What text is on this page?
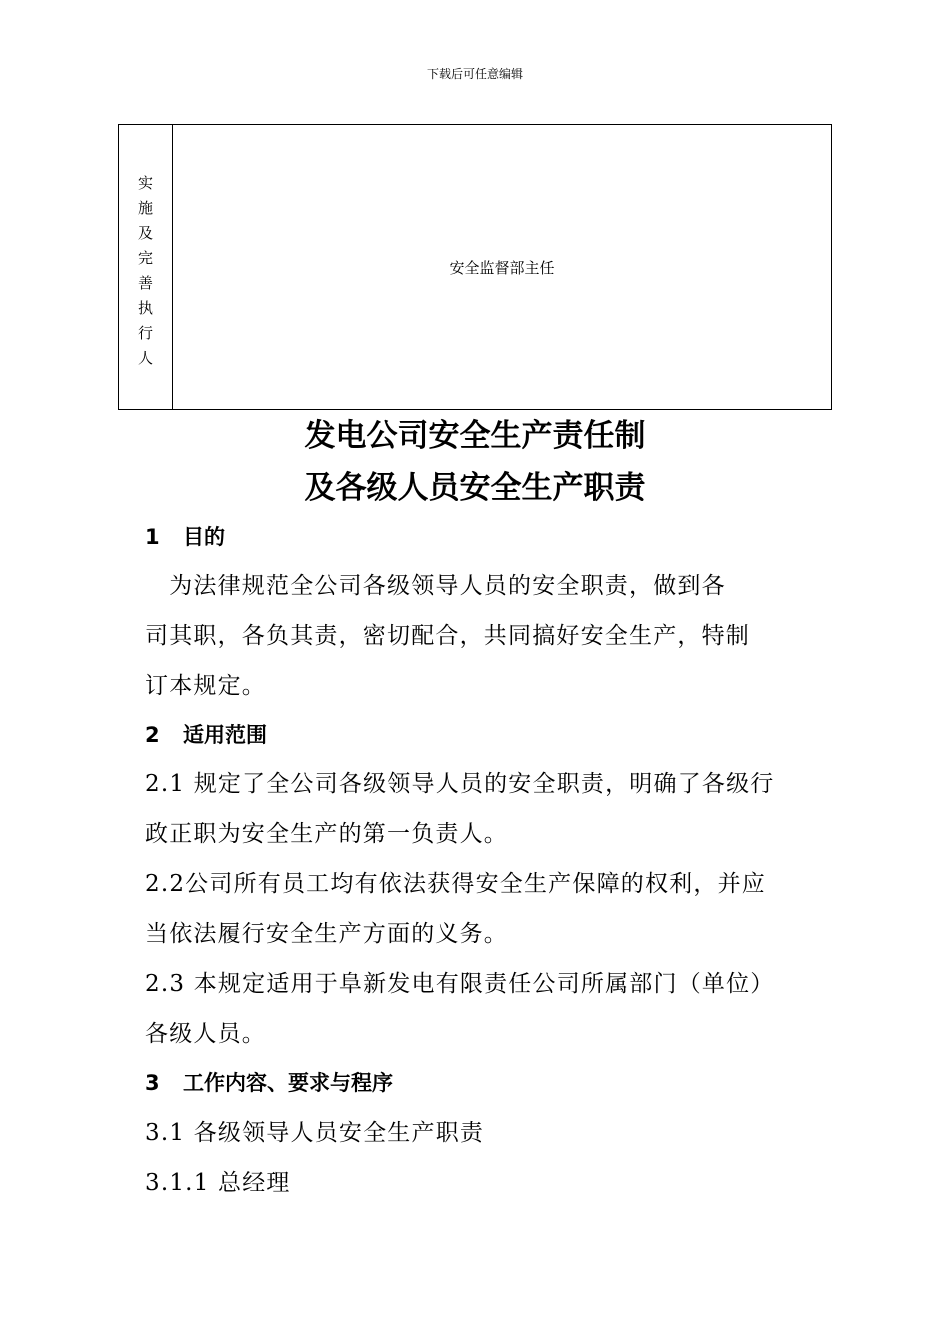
下载后可任意编辑
实
施
及
完
善
执
行
人
安全监督部主任
发电公司安全生产责任制
及各级人员安全生产职责
1 目的
　为法律规范全公司各级领导人员的安全职责，做到各
司其职，各负其责，密切配合，共同搞好安全生产，特制
订本规定。
2 适用范围
2.1 规定了全公司各级领导人员的安全职责，明确了各级行
政正职为安全生产的第一负责人。
2.2公司所有员工均有依法获得安全生产保障的权利，并应
当依法履行安全生产方面的义务。
2.3 本规定适用于阜新发电有限责任公司所属部门（单位）
各级人员。
3 工作内容、要求与程序
3.1 各级领导人员安全生产职责
3.1.1 总经理
